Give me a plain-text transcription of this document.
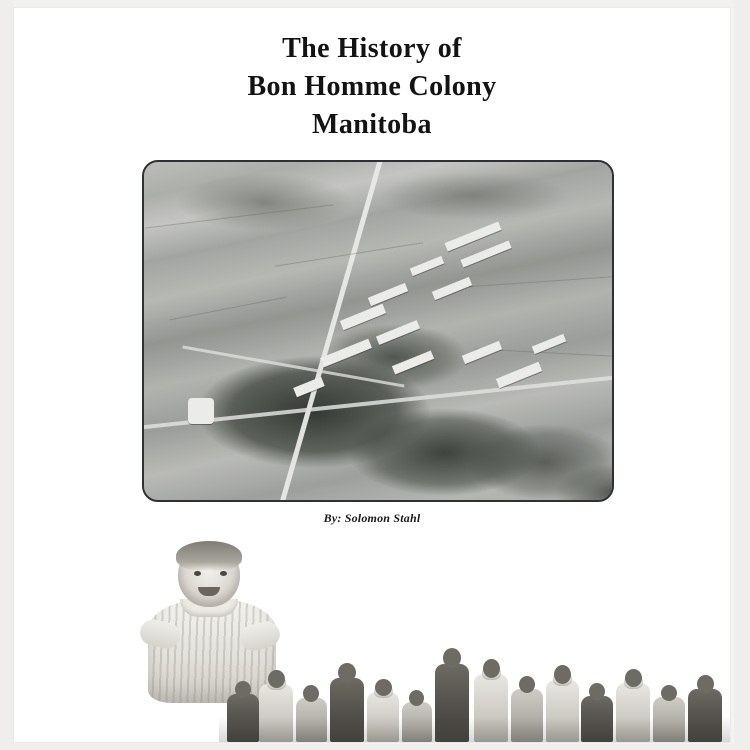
The History of
Bon Homme Colony
Manitoba
By: Solomon Stahl
